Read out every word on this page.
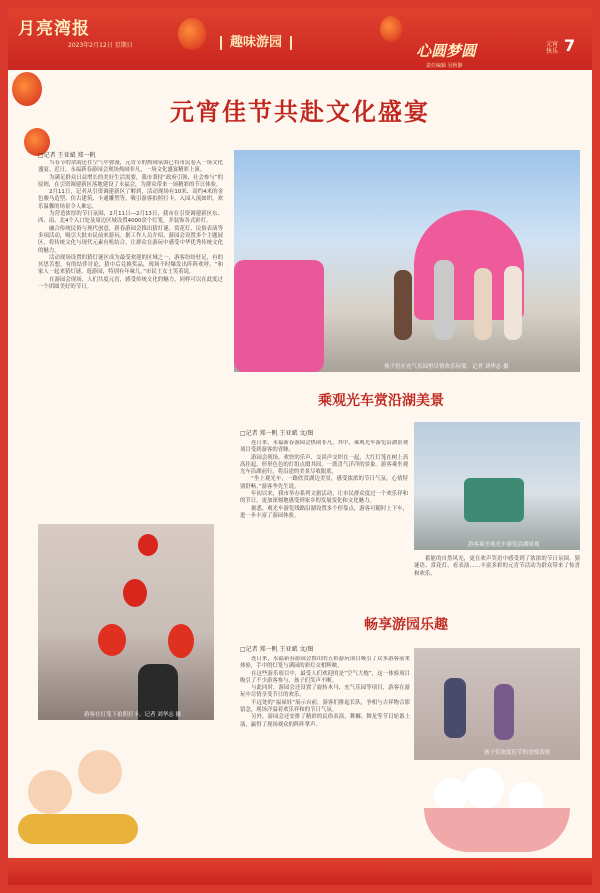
月亮湾报
2023年2月12日 星期日	趣味游园	心圆梦圆	元宵快乐 7
责任编辑 吴秋静
元宵佳节共赴文化盛宴
□记者 王亚斌 郑一帆

当春节的余韵还在空气中弥漫，元宵节的热闹氛围已将市民卷入一场文化盛宴。近日，永福新春游园会现场热闹非凡，一场文化盛宴精彩上演。

为满足群众日益增长的美好生活需要，我市秉持“政府引领、社会参与”的原则，在引资调建新区落地建设了永福会，为群众带来一场精彩的节日体验。

2月11日，记者从引资调建新区了解到，活动现场有10米、高约4米的金色骏马造型、仿古建筑、卡通雕塑等，吸引游客拍照打卡。入园人流如织，欢乐温馨的场景令人难忘。

为营造浓厚的节日氛围，2月11日—2月13日，我市在引资调建新区东、西、南、北4个入口处及周边区域设置4000余个灯笼，并装饰各式彩灯。

融合传统民俗与现代创意，新春游园会推出猜灯谜、赏花灯、民俗表演等多项活动，吸引大批市民前来游玩。据工作人员介绍，游园会设置多个主题展区，将传统文化与现代元素有机结合，让群众在游玩中感受中华优秀传统文化的魅力。

活动现场设置的猜灯谜区成为最受欢迎的区域之一，游客纷纷驻足，有的冥思苦想，有的结伴讨论，猜中后兑换奖品，现场不时爆发出阵阵欢呼。“和家人一起来猜灯谜、逛游园，特别有年味儿。”市民王女士笑着说。

在游园会现场，人们共度元宵，感受传统文化的魅力，同样可以在此度过一个团圆美好的节日。

孩子们在充气乐园里尽情欢乐玩耍。记者 刘华志 摄
游客在灯笼下拍照打卡。记者 刘华志 摄
乘观光车赏沿湖美景
□记者 郑一帆 王亚斌 文/图

连日来，永福新春游园会热闹非凡，其中，乘观光车游览沿湖景观项目受到游客的青睐。

游园会现场，欢快的乐声、交谈声交织在一起，大红灯笼在树上高高挂起，形形色色的灯组点缀其间，一派喜气洋洋的景象。游客乘坐观光车沿湖前行，将沿途的美景尽收眼底。

“坐上观光车，一路欣赏湖边美景，感受浓浓的节日气氛，心情特别舒畅。”游客李先生说。

年初以来，我市举办系列文旅活动，让市民群众度过一个欢乐祥和的节日，更加深刻地感受到家乡的发展变化和文化魅力。

据悉，观光车游览线路沿湖设置多个停靠点，游客可随时上下车，进一步丰富了游园体验。

游客乘坐观光车游览沿湖景观

蓄能的自然风光，更在欢声笑语中感受到了浓浓的节日氛围。猜谜语、赏花灯、看表演……丰富多彩的元宵节活动为群众带来了惊喜和欢乐。

畅享游园乐趣
□记者 郑一帆 王亚斌 文/图

连日来，永福新春游园会推出的五彩游玩项目吸引了众多游客前来体验，手中的灯笼与满园的彩灯交相辉映。

在这些游乐项目中，最受人们欢迎的是“空气大炮”，这一体验项目吸引了不少游客参与，孩子们笑声不断。

与此同时，游园会还设置了旋转木马、充气乐园等项目，游客在游玩中尽情享受节日的欢乐。

不远处的“福禄娃”展示台前，游客们排起长队，争相与吉祥物合影留念，现场洋溢着欢乐祥和的节日气氛。

另外，游园会还安排了精彩的民俗表演，舞狮、舞龙等节目轮番上演，赢得了现场观众的阵阵掌声。

孩子们欢度佳节的喜悦表情
